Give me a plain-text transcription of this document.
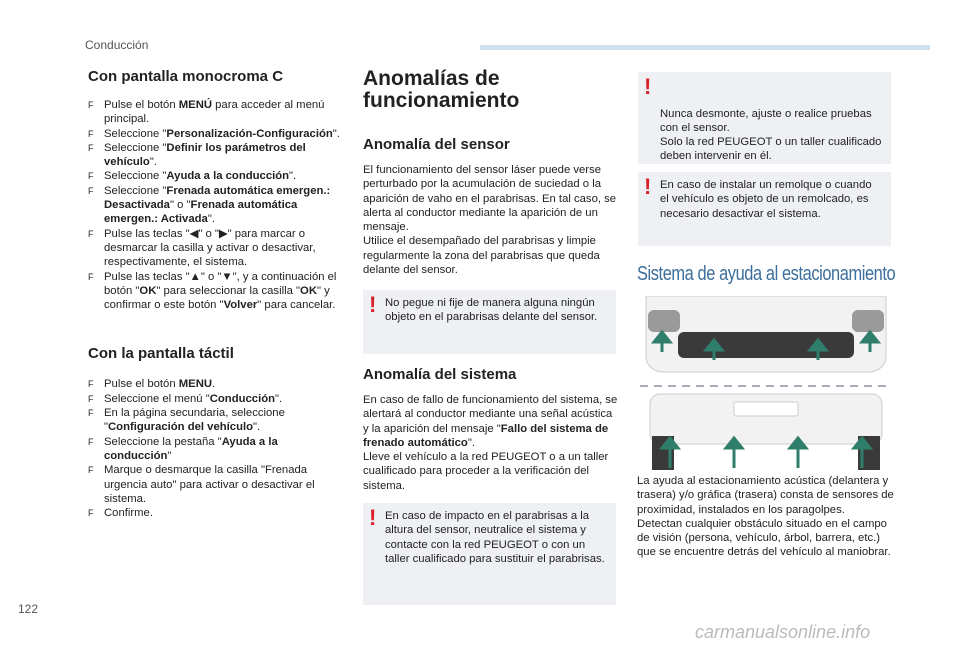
Conducción
Con pantalla monocroma C
F Pulse el botón MENÚ para acceder al menú principal.
F Seleccione "Personalización-Configuración".
F Seleccione "Definir los parámetros del vehículo".
F Seleccione "Ayuda a la conducción".
F Seleccione "Frenada automática emergen.: Desactivada" o "Frenada automática emergen.: Activada".
F Pulse las teclas "◀" o "▶" para marcar o desmarcar la casilla y activar o desactivar, respectivamente, el sistema.
F Pulse las teclas "▲" o "▼", y a continuación el botón "OK" para seleccionar la casilla "OK" y confirmar o este botón "Volver" para cancelar.
Con la pantalla táctil
F Pulse el botón MENU.
F Seleccione el menú "Conducción".
F En la página secundaria, seleccione "Configuración del vehículo".
F Seleccione la pestaña "Ayuda a la conducción"
F Marque o desmarque la casilla "Frenada urgencia auto" para activar o desactivar el sistema.
F Confirme.
Anomalías de funcionamiento
Anomalía del sensor

El funcionamiento del sensor láser puede verse perturbado por la acumulación de suciedad o la aparición de vaho en el parabrisas. En tal caso, se alerta al conductor mediante la aparición de un mensaje.
Utilice el desempañado del parabrisas y limpie regularmente la zona del parabrisas que queda delante del sensor.

! No pegue ni fije de manera alguna ningún objeto en el parabrisas delante del sensor.
Anomalía del sistema

En caso de fallo de funcionamiento del sistema, se alertará al conductor mediante una señal acústica y la aparición del mensaje "Fallo del sistema de frenado automático".
Lleve el vehículo a la red PEUGEOT o a un taller cualificado para proceder a la verificación del sistema.

! En caso de impacto en el parabrisas a la altura del sensor, neutralice el sistema y contacte con la red PEUGEOT o con un taller cualificado para sustituir el parabrisas.

!

Nunca desmonte, ajuste o realice pruebas con el sensor.
Solo la red PEUGEOT o un taller cualificado deben intervenir en él.

! En caso de instalar un remolque o cuando el vehículo es objeto de un remolcado, es necesario desactivar el sistema.
Sistema de ayuda al estacionamiento

La ayuda al estacionamiento acústica (delantera y trasera) y/o gráfica (trasera) consta de sensores de proximidad, instalados en los paragolpes.
Detectan cualquier obstáculo situado en el campo de visión (persona, vehículo, árbol, barrera, etc.) que se encuentre detrás del vehículo al maniobrar.

122
carmanualsonline.info
